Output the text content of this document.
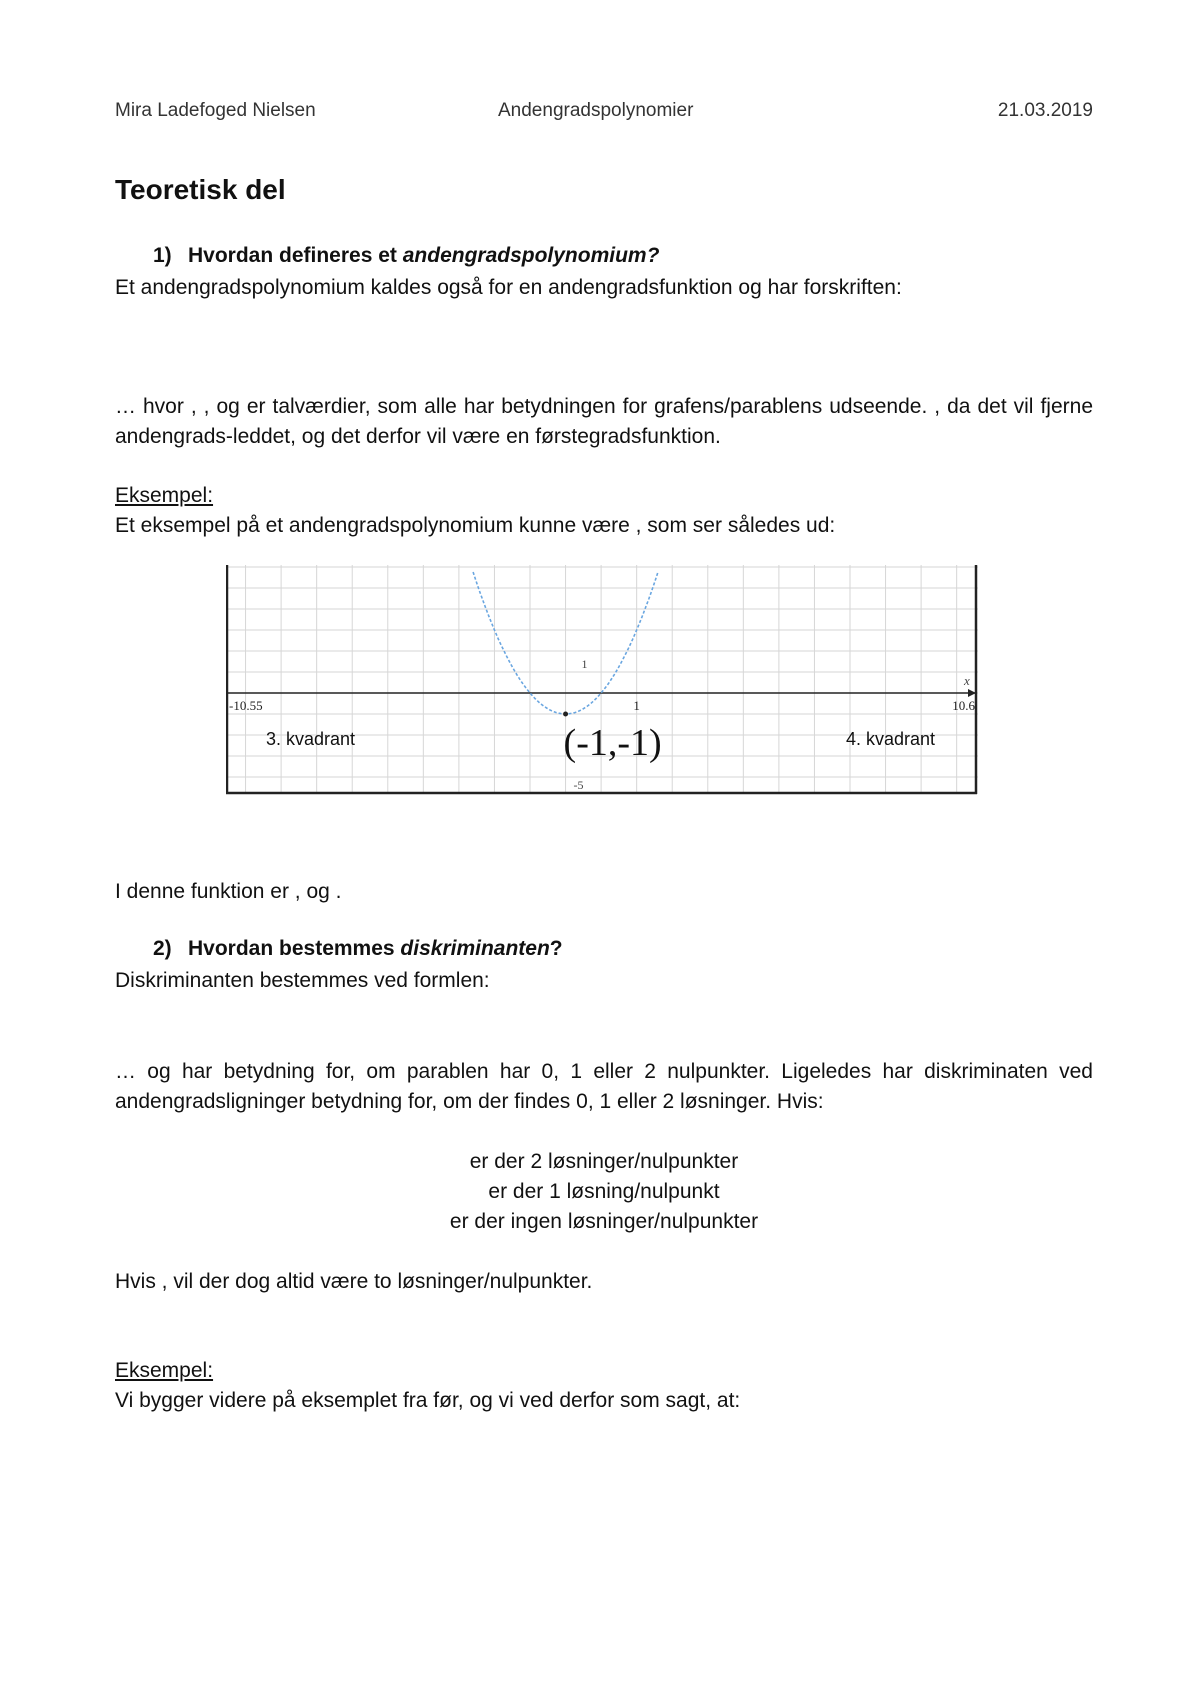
Mira Ladefoged Nielsen	Andengradspolynomier	21.03.2019
Teoretisk del
1) Hvordan defineres et andengradspolynomium?
Et andengradspolynomium kaldes også for en andengradsfunktion og har forskriften:
… hvor , , og er talværdier, som alle har betydningen for grafens/parablens udseende. , da det vil fjerne andengrads-leddet, og det derfor vil være en førstegradsfunktion.
Eksempel:
Et eksempel på et andengradspolynomium kunne være , som ser således ud:
-10.55	1	10.6
1
-5
x
(-1,-1)
3. kvadrant	4. kvadrant
I denne funktion er , og .
2) Hvordan bestemmes diskriminanten?
Diskriminanten bestemmes ved formlen:
… og har betydning for, om parablen har 0, 1 eller 2 nulpunkter. Ligeledes har diskriminaten ved andengradsligninger betydning for, om der findes 0, 1 eller 2 løsninger. Hvis:
er der 2 løsninger/nulpunkter
er der 1 løsning/nulpunkt
er der ingen løsninger/nulpunkter
Hvis , vil der dog altid være to løsninger/nulpunkter.
Eksempel:
Vi bygger videre på eksemplet fra før, og vi ved derfor som sagt, at:
